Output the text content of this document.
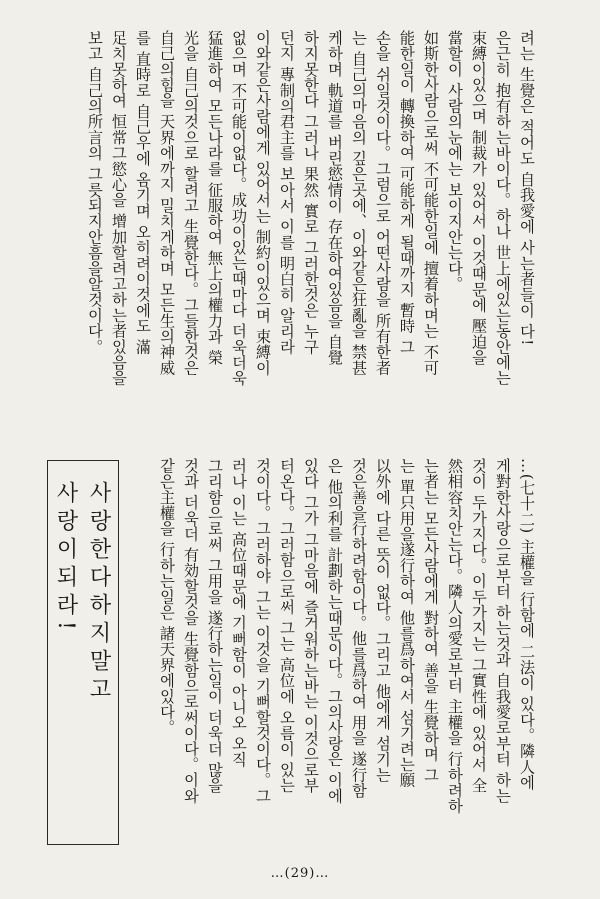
려는 生覺은 적어도 自我愛에 사는者들이 다!
은근히 抱有하는바이다。하나 世上에있는동안에는
束縛이있으며 制裁가 있어서 이것때문에 壓迫을
當할이 사람의눈에는 보이지안는다。
如斯한사람으로써 不可能한일에 擅着하며는 不可
能한일이 轉換하여 可能하게 될때까지 暫時 그
손을 쉬일것이다。그럼으로 어떤사람을 所有한者
는 自己의마음의 깊은곳에、이와같은狂亂을 禁甚
케하며 軌道를 버린慾情이 存在하여있음을 自覺
하지못한다 그러나 果然 實로 그러한것은 누구
던지 專制의君主를 보아서 이를 明白히 알리라
이와같은사람에게 있어서는 制約이있으며 束縛이
없으며 不可能이없다。成功이있는때마다 더욱더욱
猛進하여 모든나라를 征服하여 無上의權力과 榮
光을 自己의것으로 할려고 生覺한다。그들한것은
自己의힘을 天界에까지 밀치게하며 모든生의神威
를 直時로 自己우에 옴기며 오히려이것에도 滿
足치못하여 恒常그慾心을 增加할려고하는者있음을
보고 自己의所言의 그릇되지안흠을알것이다。
…(七十二) 主權을 行함에 二法이 있다。隣人에
게對한사랑으로부터 하는것과 自我愛로부터 하는
것이 두가지다。이두가지는 그實性에 있어서 全
然相容치안는다。隣人의愛로부터 主權을 行하려하
는者는 모든사람에게 對하여 善을 生覺하며 그
는 單只用을遂行하여 他를爲하여서 섬기려는願
以外에 다른 뜻이 없다。그리고 他에게 섬기는
것은善을行하려함이다。他를爲하여 用을 遂行함
은 他의利를 計劃하는때문이다。그의사랑은 이에
있다 그가 그마음에 즐거워하는바는 이것으로부
터온다。그러함으로써 그는 高位에 오름이 있는
것이다。그러하야 그는 이것을 기뻐할것이다。그
러나 이는 高位때문에 기뻐함이 아니오 오직
그리함으로써 그用을 遂行하는일이 더욱더 많을
것과 더욱더 有効할것을 生覺함으로써이다。이와
같은主權을 行하는일은 諸天界에있다。
사랑한다하지말고
사랑이되라!
…(29)…
